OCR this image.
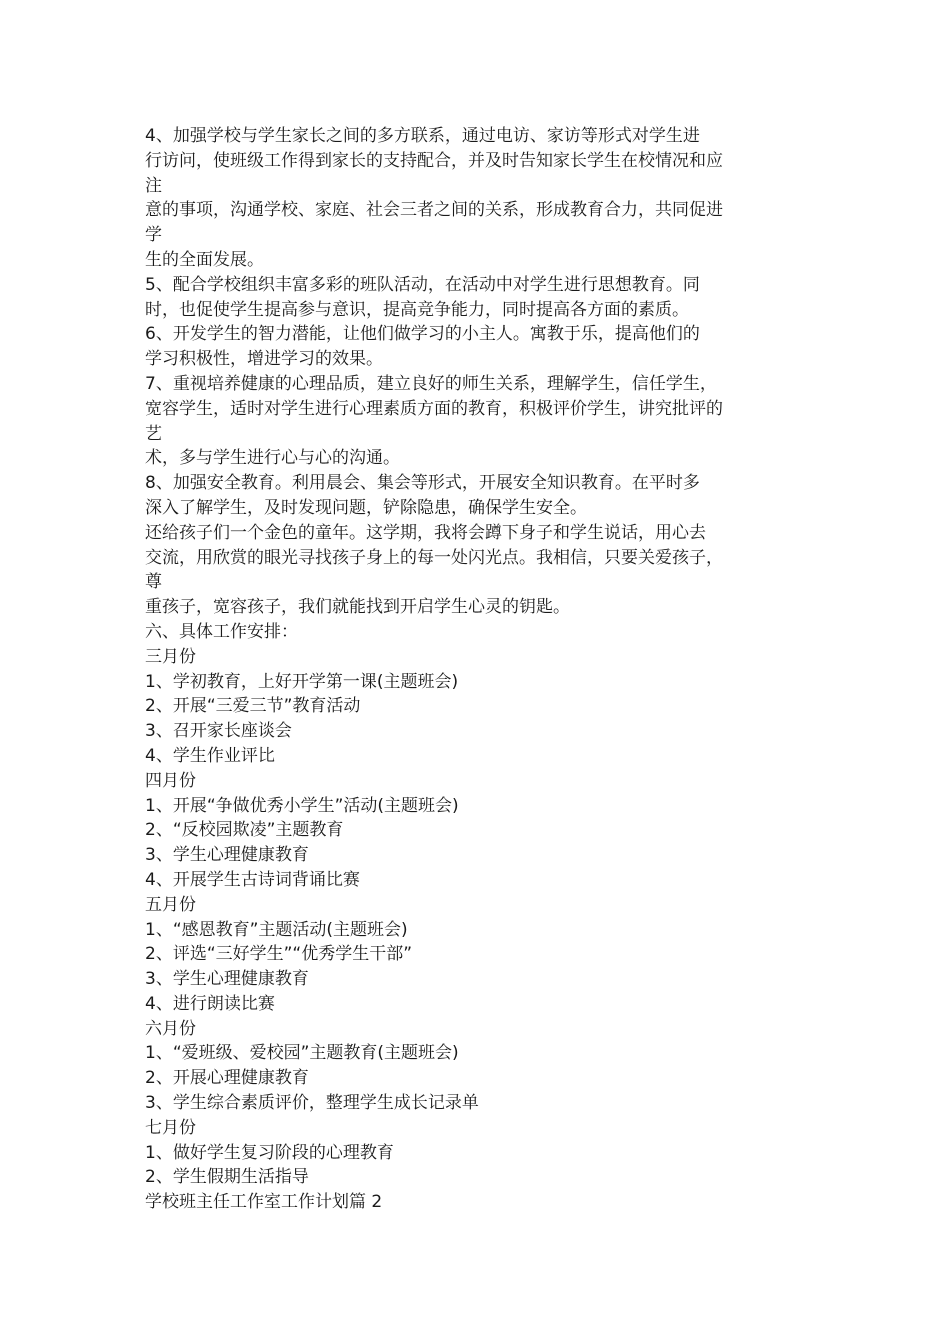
4、加强学校与学生家长之间的多方联系，通过电访、家访等形式对学生进
行访问，使班级工作得到家长的支持配合，并及时告知家长学生在校情况和应
注
意的事项，沟通学校、家庭、社会三者之间的关系，形成教育合力，共同促进
学
生的全面发展。
5、配合学校组织丰富多彩的班队活动，在活动中对学生进行思想教育。同
时，也促使学生提高参与意识，提高竞争能力，同时提高各方面的素质。
6、开发学生的智力潜能，让他们做学习的小主人。寓教于乐，提高他们的
学习积极性，增进学习的效果。
7、重视培养健康的心理品质，建立良好的师生关系，理解学生，信任学生，
宽容学生，适时对学生进行心理素质方面的教育，积极评价学生，讲究批评的
艺
术，多与学生进行心与心的沟通。
8、加强安全教育。利用晨会、集会等形式，开展安全知识教育。在平时多
深入了解学生，及时发现问题，铲除隐患，确保学生安全。
还给孩子们一个金色的童年。这学期，我将会蹲下身子和学生说话，用心去
交流，用欣赏的眼光寻找孩子身上的每一处闪光点。我相信，只要关爱孩子，
尊
重孩子，宽容孩子，我们就能找到开启学生心灵的钥匙。
六、具体工作安排：
三月份
1、学初教育，上好开学第一课(主题班会)
2、开展“三爱三节”教育活动
3、召开家长座谈会
4、学生作业评比
四月份
1、开展“争做优秀小学生”活动(主题班会)
2、“反校园欺凌”主题教育
3、学生心理健康教育
4、开展学生古诗词背诵比赛
五月份
1、“感恩教育”主题活动(主题班会)
2、评选“三好学生”“优秀学生干部”
3、学生心理健康教育
4、进行朗读比赛
六月份
1、“爱班级、爱校园”主题教育(主题班会)
2、开展心理健康教育
3、学生综合素质评价，整理学生成长记录单
七月份
1、做好学生复习阶段的心理教育
2、学生假期生活指导
学校班主任工作室工作计划篇 2
